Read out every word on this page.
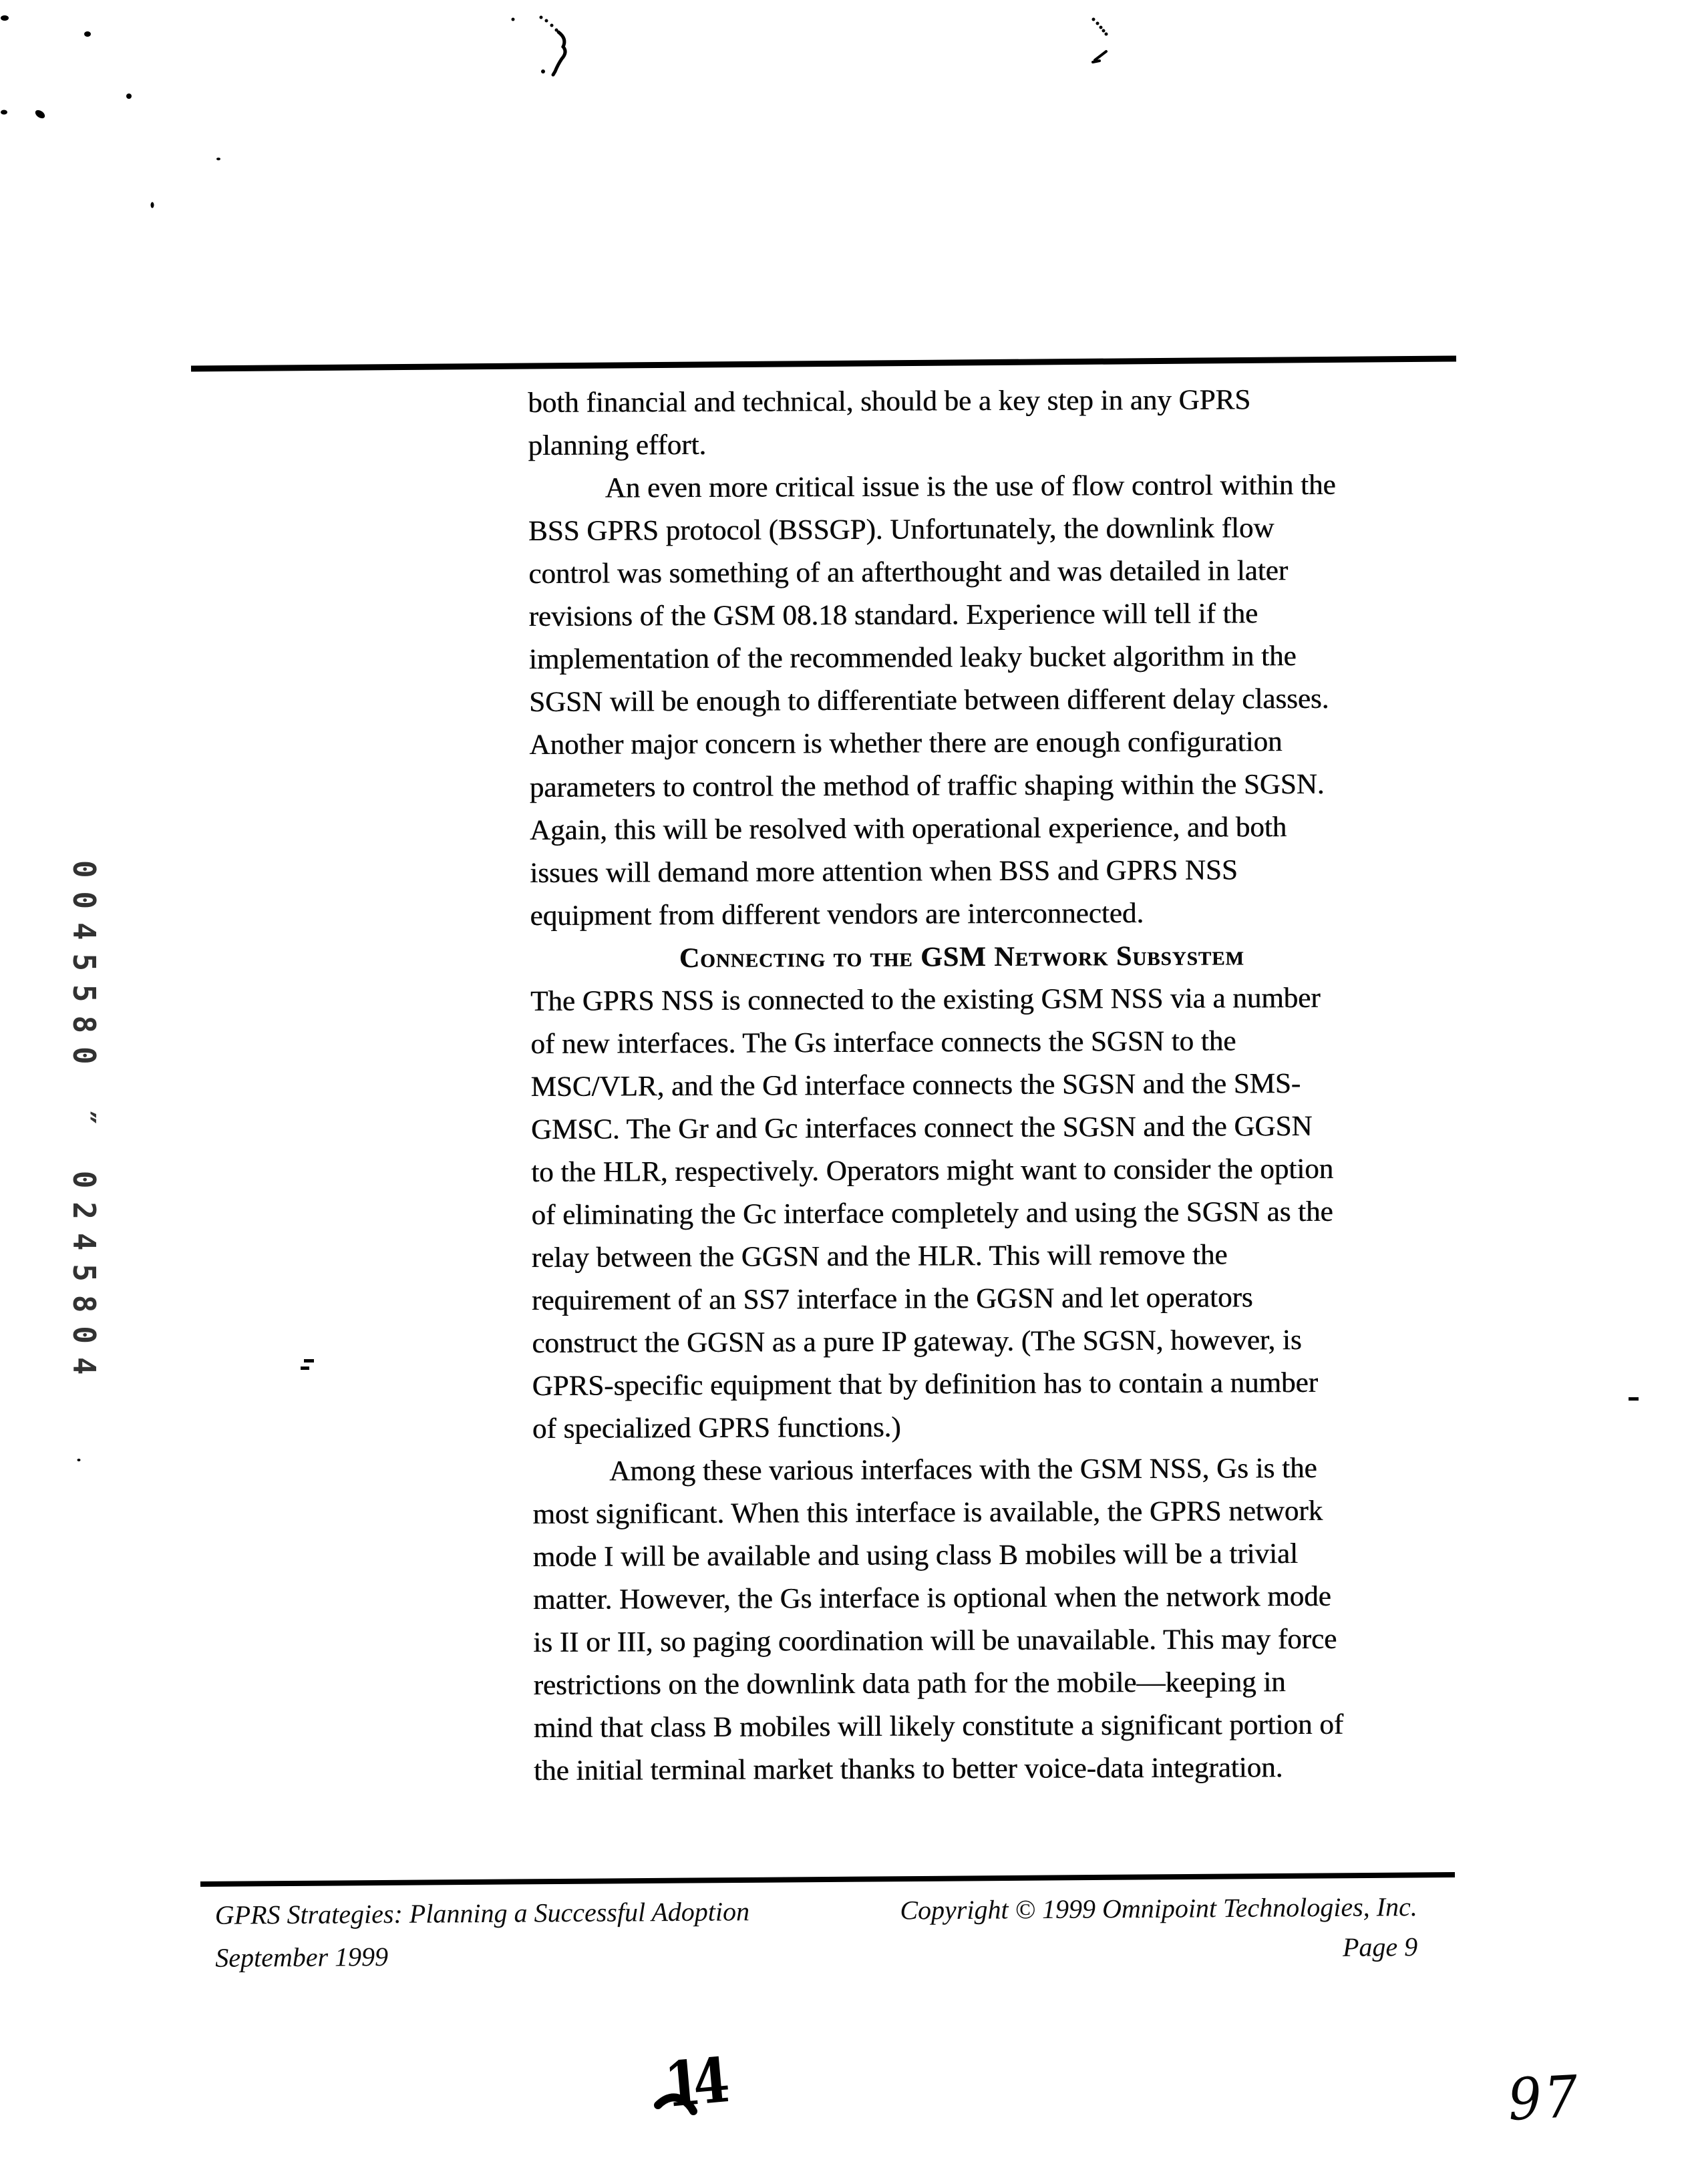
both financial and technical, should be a key step in any GPRS
planning effort.
An even more critical issue is the use of flow control within the
BSS GPRS protocol (BSSGP). Unfortunately, the downlink flow
control was something of an afterthought and was detailed in later
revisions of the GSM 08.18 standard. Experience will tell if the
implementation of the recommended leaky bucket algorithm in the
SGSN will be enough to differentiate between different delay classes.
Another major concern is whether there are enough configuration
parameters to control the method of traffic shaping within the SGSN.
Again, this will be resolved with operational experience, and both
issues will demand more attention when BSS and GPRS NSS
equipment from different vendors are interconnected.
Connecting to the GSM Network Subsystem
The GPRS NSS is connected to the existing GSM NSS via a number
of new interfaces. The Gs interface connects the SGSN to the
MSC/VLR, and the Gd interface connects the SGSN and the SMS-
GMSC. The Gr and Gc interfaces connect the SGSN and the GGSN
to the HLR, respectively. Operators might want to consider the option
of eliminating the Gc interface completely and using the SGSN as the
relay between the GGSN and the HLR. This will remove the
requirement of an SS7 interface in the GGSN and let operators
construct the GGSN as a pure IP gateway. (The SGSN, however, is
GPRS-specific equipment that by definition has to contain a number
of specialized GPRS functions.)
Among these various interfaces with the GSM NSS, Gs is the
most significant. When this interface is available, the GPRS network
mode I will be available and using class B mobiles will be a trivial
matter. However, the Gs interface is optional when the network mode
is II or III, so paging coordination will be unavailable. This may force
restrictions on the downlink data path for the mobile—keeping in
mind that class B mobiles will likely constitute a significant portion of
the initial terminal market thanks to better voice-data integration.
0045580 ″ 0245804
GPRS Strategies: Planning a Successful Adoption
September 1999
Copyright © 1999 Omnipoint Technologies, Inc.
Page 9
14	97
